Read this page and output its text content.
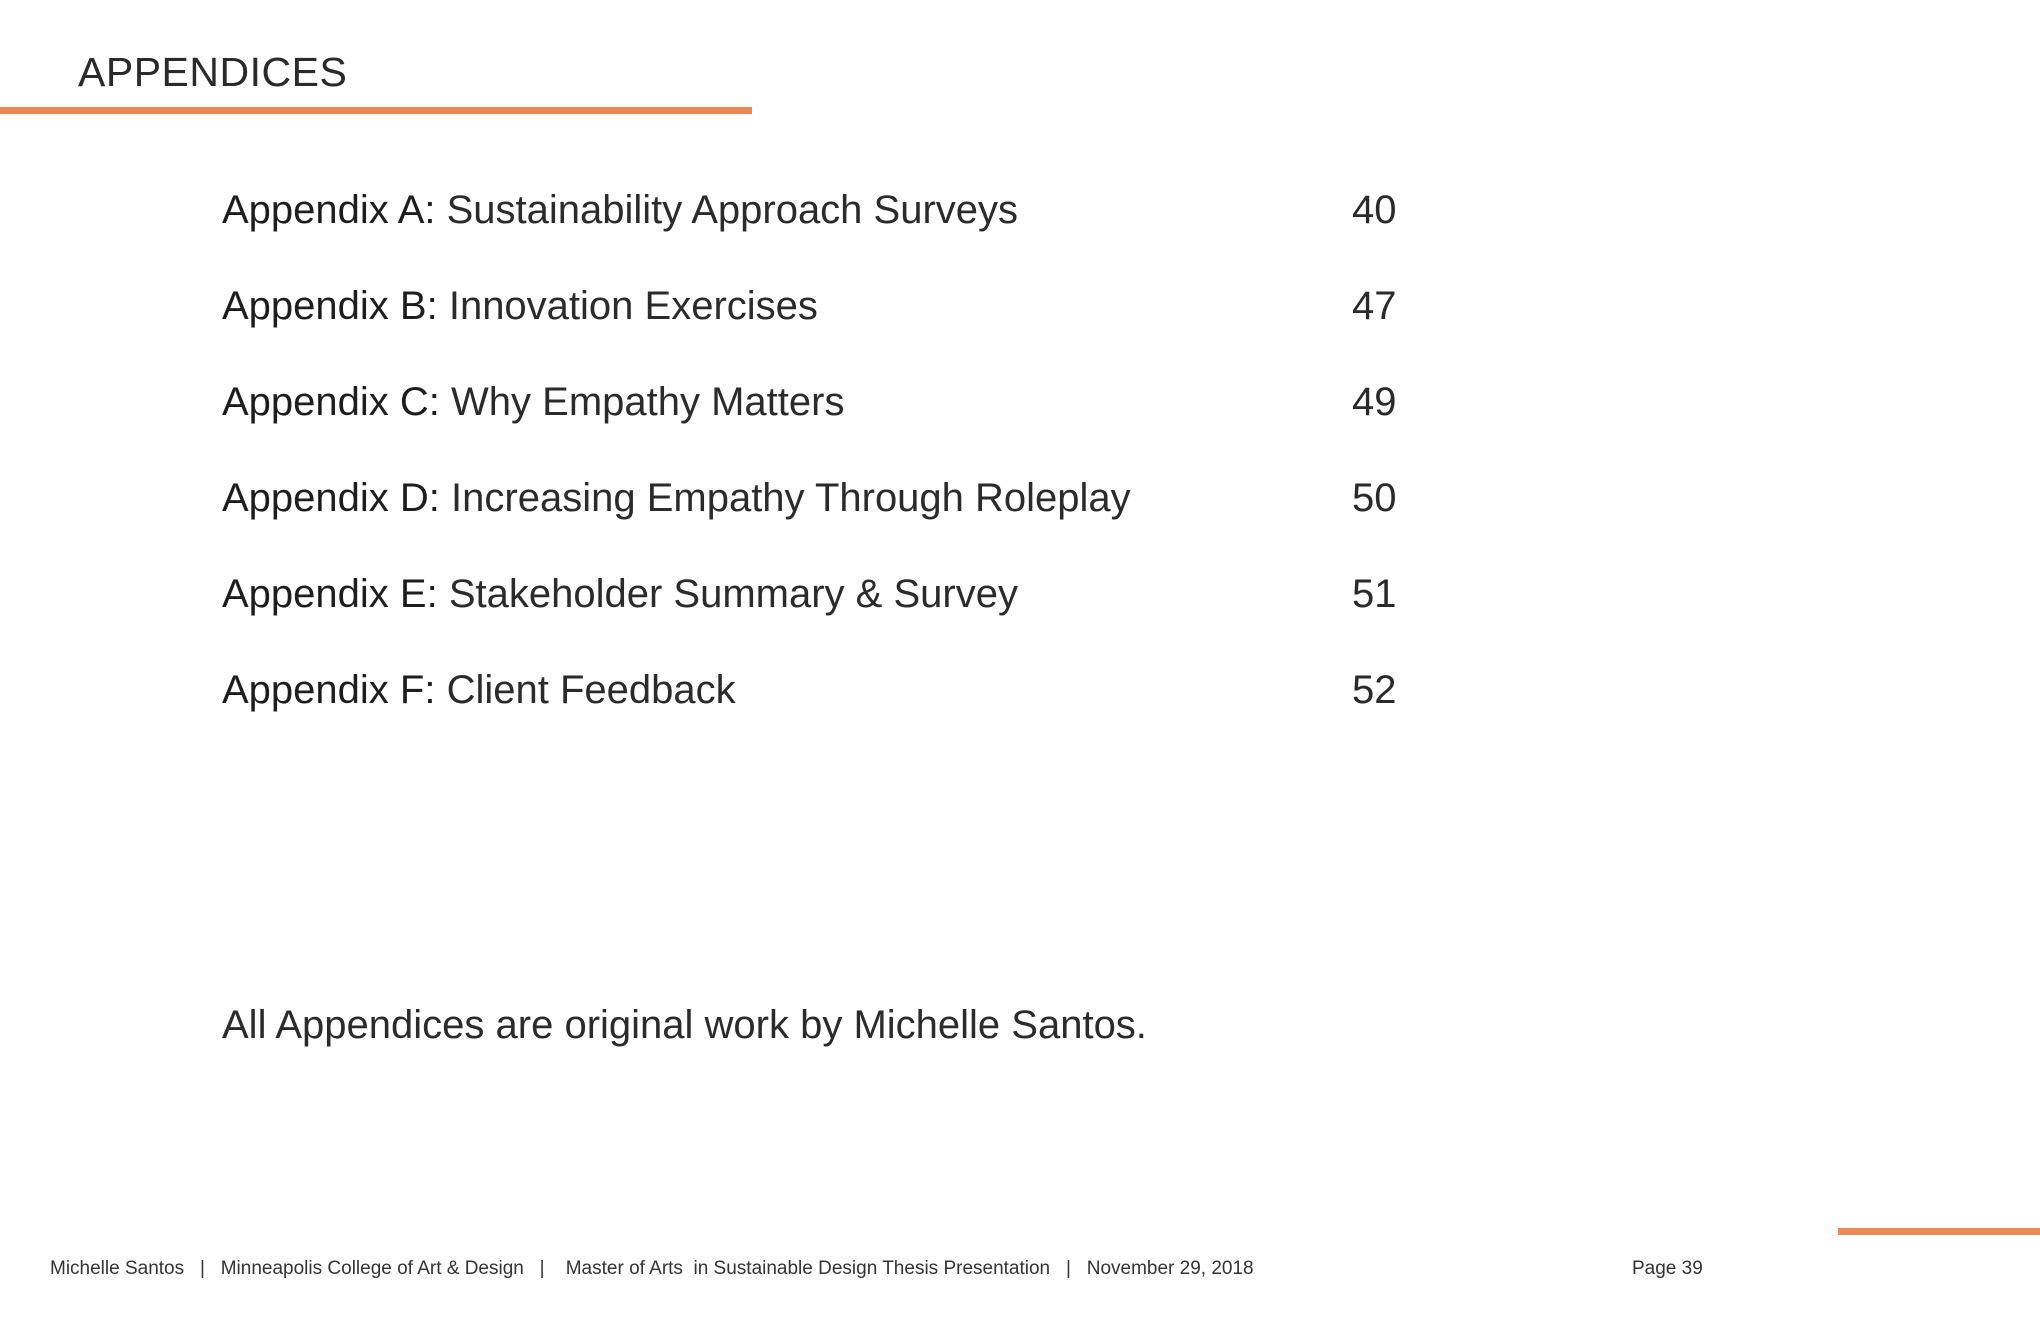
APPENDICES
Appendix A: Sustainability Approach Surveys	40
Appendix B: Innovation Exercises	47
Appendix C: Why Empathy Matters	49
Appendix D: Increasing Empathy Through Roleplay	50
Appendix E: Stakeholder Summary & Survey	51
Appendix F: Client Feedback	52
All Appendices are original work by Michelle Santos.
Michelle Santos   |   Minneapolis College of Art & Design   |    Master of Arts  in Sustainable Design Thesis Presentation   |   November 29, 2018	Page 39
